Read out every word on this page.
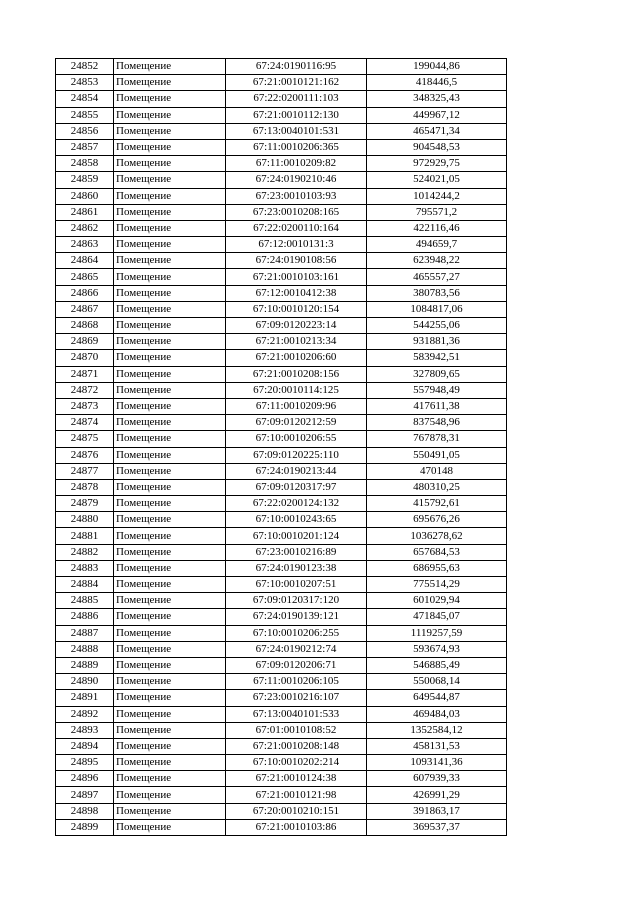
24852	Помещение	67:24:0190116:95	199044,86
24853	Помещение	67:21:0010121:162	418446,5
24854	Помещение	67:22:0200111:103	348325,43
24855	Помещение	67:21:0010112:130	449967,12
24856	Помещение	67:13:0040101:531	465471,34
24857	Помещение	67:11:0010206:365	904548,53
24858	Помещение	67:11:0010209:82	972929,75
24859	Помещение	67:24:0190210:46	524021,05
24860	Помещение	67:23:0010103:93	1014244,2
24861	Помещение	67:23:0010208:165	795571,2
24862	Помещение	67:22:0200110:164	422116,46
24863	Помещение	67:12:0010131:3	494659,7
24864	Помещение	67:24:0190108:56	623948,22
24865	Помещение	67:21:0010103:161	465557,27
24866	Помещение	67:12:0010412:38	380783,56
24867	Помещение	67:10:0010120:154	1084817,06
24868	Помещение	67:09:0120223:14	544255,06
24869	Помещение	67:21:0010213:34	931881,36
24870	Помещение	67:21:0010206:60	583942,51
24871	Помещение	67:21:0010208:156	327809,65
24872	Помещение	67:20:0010114:125	557948,49
24873	Помещение	67:11:0010209:96	417611,38
24874	Помещение	67:09:0120212:59	837548,96
24875	Помещение	67:10:0010206:55	767878,31
24876	Помещение	67:09:0120225:110	550491,05
24877	Помещение	67:24:0190213:44	470148
24878	Помещение	67:09:0120317:97	480310,25
24879	Помещение	67:22:0200124:132	415792,61
24880	Помещение	67:10:0010243:65	695676,26
24881	Помещение	67:10:0010201:124	1036278,62
24882	Помещение	67:23:0010216:89	657684,53
24883	Помещение	67:24:0190123:38	686955,63
24884	Помещение	67:10:0010207:51	775514,29
24885	Помещение	67:09:0120317:120	601029,94
24886	Помещение	67:24:0190139:121	471845,07
24887	Помещение	67:10:0010206:255	1119257,59
24888	Помещение	67:24:0190212:74	593674,93
24889	Помещение	67:09:0120206:71	546885,49
24890	Помещение	67:11:0010206:105	550068,14
24891	Помещение	67:23:0010216:107	649544,87
24892	Помещение	67:13:0040101:533	469484,03
24893	Помещение	67:01:0010108:52	1352584,12
24894	Помещение	67:21:0010208:148	458131,53
24895	Помещение	67:10:0010202:214	1093141,36
24896	Помещение	67:21:0010124:38	607939,33
24897	Помещение	67:21:0010121:98	426991,29
24898	Помещение	67:20:0010210:151	391863,17
24899	Помещение	67:21:0010103:86	369537,37
